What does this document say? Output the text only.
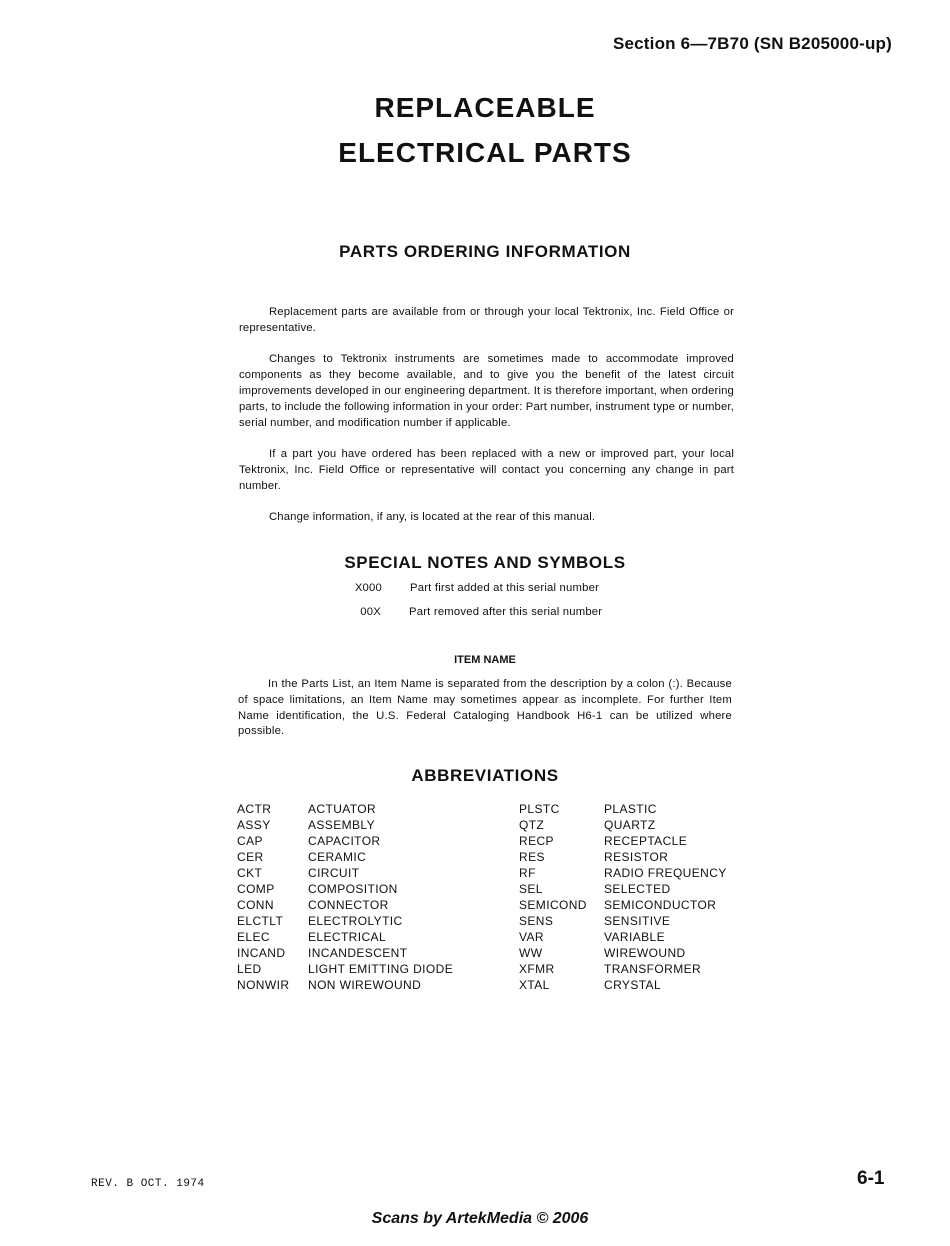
Section 6—7B70 (SN B205000-up)
REPLACEABLE
ELECTRICAL PARTS
PARTS ORDERING INFORMATION

Replacement parts are available from or through your local Tektronix, Inc. Field Office or representative.

Changes to Tektronix instruments are sometimes made to accommodate improved components as they become available, and to give you the benefit of the latest circuit improvements developed in our engineering department. It is therefore important, when ordering parts, to include the following information in your order: Part number, instrument type or number, serial number, and modification number if applicable.

If a part you have ordered has been replaced with a new or improved part, your local Tektronix, Inc. Field Office or representative will contact you concerning any change in part number.

Change information, if any, is located at the rear of this manual.

SPECIAL NOTES AND SYMBOLS
X000 Part first added at this serial number
00X Part removed after this serial number
ITEM NAME

In the Parts List, an Item Name is separated from the description by a colon (:). Because of space limitations, an Item Name may sometimes appear as incomplete. For further Item Name identification, the U.S. Federal Cataloging Handbook H6-1 can be utilized where possible.

ABBREVIATIONS
ACTR
ASSY
CAP
CER
CKT
COMP
CONN
ELCTLT
ELEC
INCAND
LED
NONWIR
ACTUATOR
ASSEMBLY
CAPACITOR
CERAMIC
CIRCUIT
COMPOSITION
CONNECTOR
ELECTROLYTIC
ELECTRICAL
INCANDESCENT
LIGHT EMITTING DIODE
NON WIREWOUND
PLSTC
QTZ
RECP
RES
RF
SEL
SEMICOND
SENS
VAR
WW
XFMR
XTAL
PLASTIC
QUARTZ
RECEPTACLE
RESISTOR
RADIO FREQUENCY
SELECTED
SEMICONDUCTOR
SENSITIVE
VARIABLE
WIREWOUND
TRANSFORMER
CRYSTAL
REV. B OCT. 1974	6-1
Scans by ArtekMedia © 2006
